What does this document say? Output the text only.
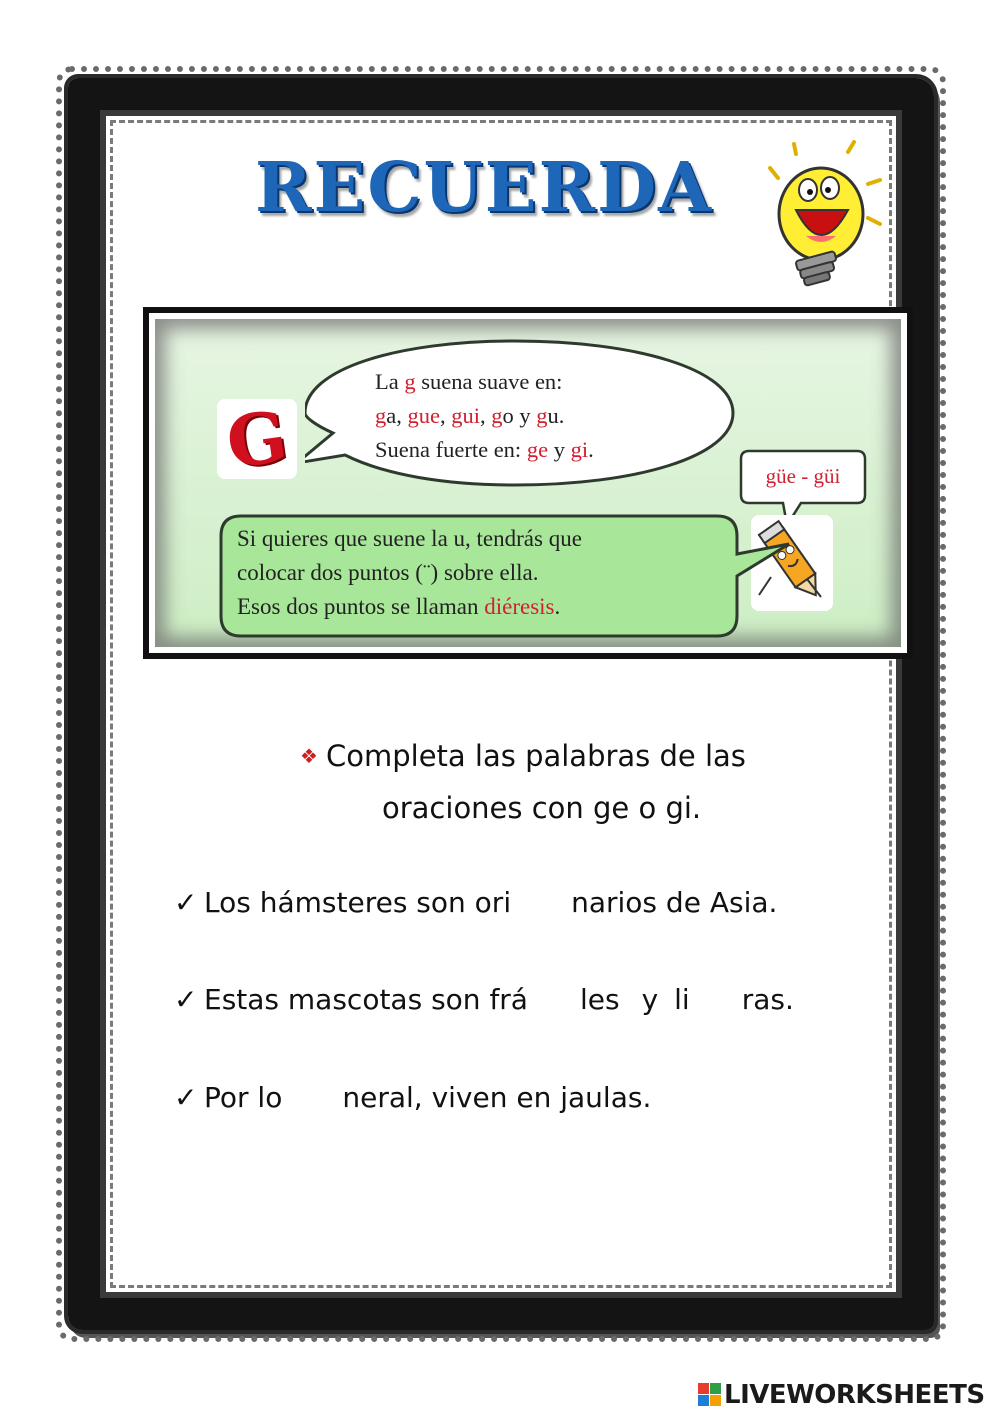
RECUERDA
G
La g suena suave en:
ga, gue, gui, go y gu.
Suena fuerte en: ge y gi.
güe - güi
Si quieres que suene la u, tendrás que
colocar dos puntos (¨) sobre ella.
Esos dos puntos se llaman diéresis.
❖ Completa las palabras de las
oraciones con ge o gi.
✓ Los hámsteres son ori narios de Asia.
✓ Estas mascotas son frá les y li ras.
✓ Por lo neral, viven en jaulas.
LIVEWORKSHEETS
